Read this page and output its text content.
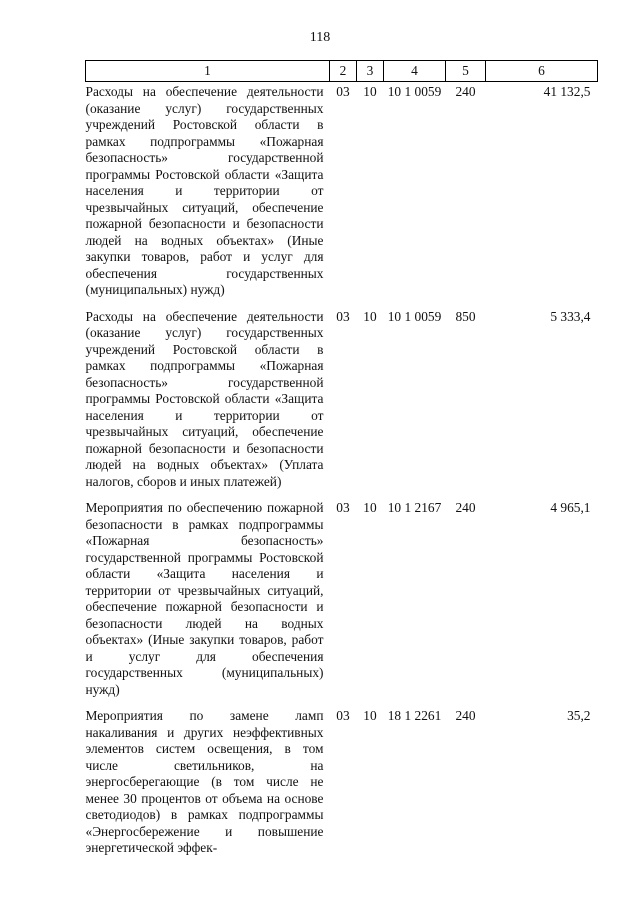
118
1	2	3	4	5	6
Расходы на обеспечение деятельности (оказание услуг) государственных учреждений Ростовской области в рамках подпрограммы «Пожарная безопасность» государственной программы Ростовской области «Защита населения и территории от чрезвычайных ситуаций, обеспечение пожарной безопасности и безопасности людей на водных объектах» (Иные закупки товаров, работ и услуг для обеспечения государственных (муниципальных) нужд)	03	10	10 1 0059	240	41 132,5
Расходы на обеспечение деятельности (оказание услуг) государственных учреждений Ростовской области в рамках подпрограммы «Пожарная безопасность» государственной программы Ростовской области «Защита населения и территории от чрезвычайных ситуаций, обеспечение пожарной безопасности и безопасности людей на водных объектах» (Уплата налогов, сборов и иных платежей)	03	10	10 1 0059	850	5 333,4
Мероприятия по обеспечению пожарной безопасности в рамках подпрограммы «Пожарная безопасность» государственной программы Ростовской области «Защита населения и территории от чрезвычайных ситуаций, обеспечение пожарной безопасности и безопасности людей на водных объектах» (Иные закупки товаров, работ и услуг для обеспечения государственных (муниципальных) нужд)	03	10	10 1 2167	240	4 965,1
Мероприятия по замене ламп накаливания и других неэффективных элементов систем освещения, в том числе светильников, на энергосберегающие (в том числе не менее 30 процентов от объема на основе светодиодов) в рамках подпрограммы «Энергосбережение и повышение энергетической эффек-	03	10	18 1 2261	240	35,2
